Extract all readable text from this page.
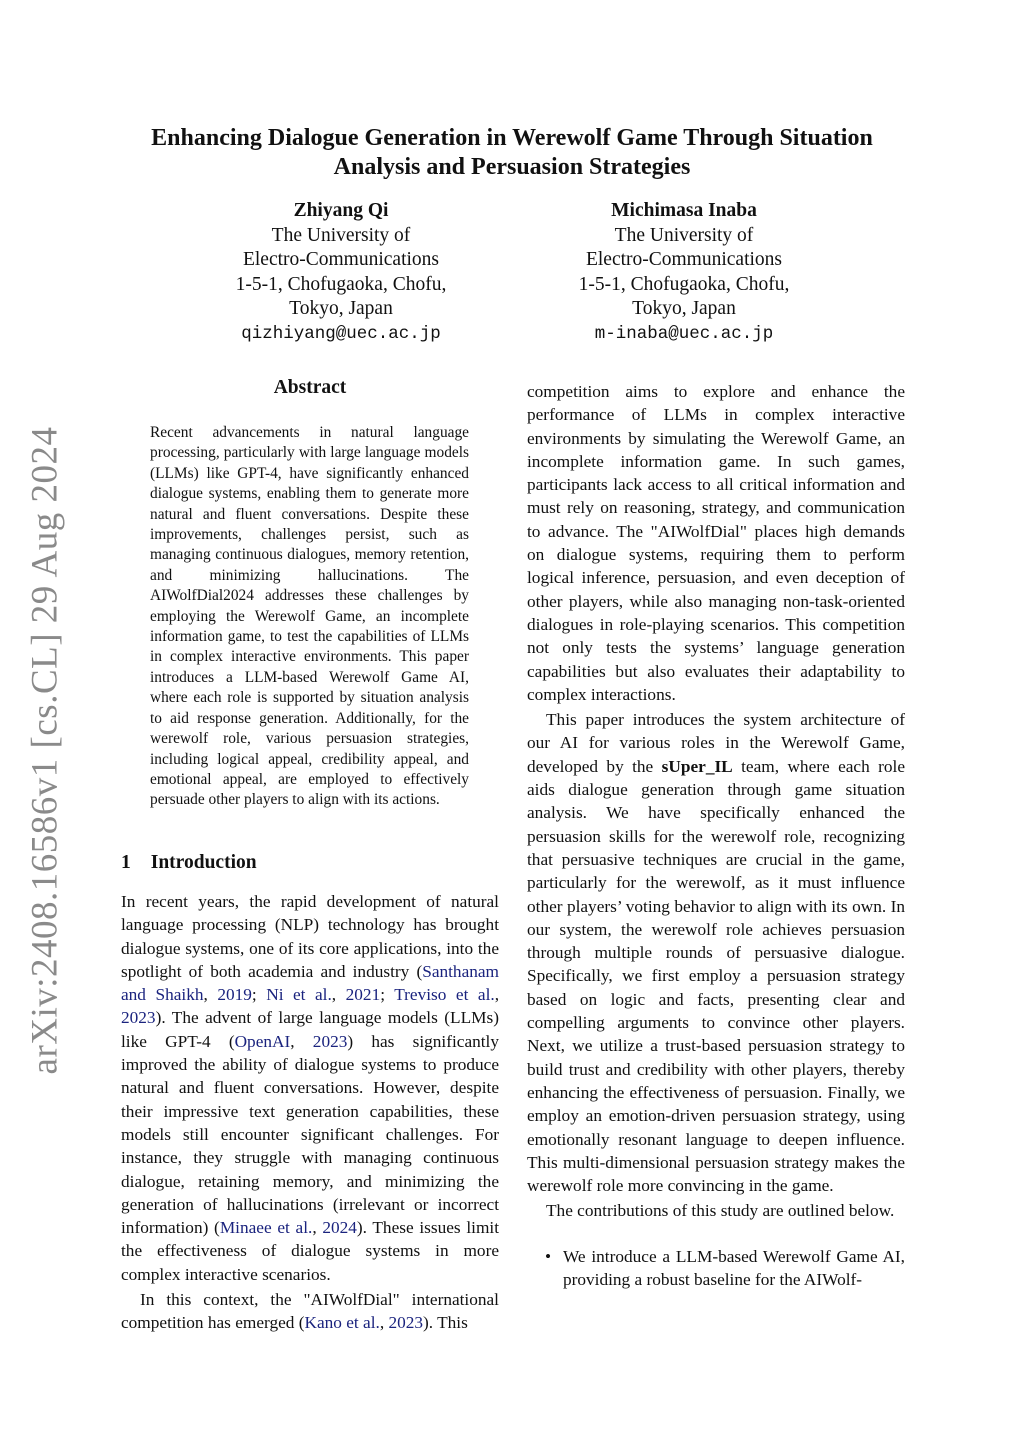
arXiv:2408.16586v1 [cs.CL] 29 Aug 2024
Enhancing Dialogue Generation in Werewolf Game Through Situation Analysis and Persuasion Strategies
Zhiyang Qi
The University of
Electro-Communications
1-5-1, Chofugaoka, Chofu,
Tokyo, Japan
qizhiyang@uec.ac.jp
Michimasa Inaba
The University of
Electro-Communications
1-5-1, Chofugaoka, Chofu,
Tokyo, Japan
m-inaba@uec.ac.jp
Abstract
Recent advancements in natural language processing, particularly with large language models (LLMs) like GPT-4, have significantly enhanced dialogue systems, enabling them to generate more natural and fluent conversations. Despite these improvements, challenges persist, such as managing continuous dialogues, memory retention, and minimizing hallucinations. The AIWolfDial2024 addresses these challenges by employing the Werewolf Game, an incomplete information game, to test the capabilities of LLMs in complex interactive environments. This paper introduces a LLM-based Werewolf Game AI, where each role is supported by situation analysis to aid response generation. Additionally, for the werewolf role, various persuasion strategies, including logical appeal, credibility appeal, and emotional appeal, are employed to effectively persuade other players to align with its actions.
1 Introduction

In recent years, the rapid development of natural language processing (NLP) technology has brought dialogue systems, one of its core applications, into the spotlight of both academia and industry (Santhanam and Shaikh, 2019; Ni et al., 2021; Treviso et al., 2023). The advent of large language models (LLMs) like GPT-4 (OpenAI, 2023) has significantly improved the ability of dialogue systems to produce natural and fluent conversations. However, despite their impressive text generation capabilities, these models still encounter significant challenges. For instance, they struggle with managing continuous dialogue, retaining memory, and minimizing the generation of hallucinations (irrelevant or incorrect information) (Minaee et al., 2024). These issues limit the effectiveness of dialogue systems in more complex interactive scenarios.

In this context, the "AIWolfDial" international competition has emerged (Kano et al., 2023). This

competition aims to explore and enhance the performance of LLMs in complex interactive environments by simulating the Werewolf Game, an incomplete information game. In such games, participants lack access to all critical information and must rely on reasoning, strategy, and communication to advance. The "AIWolfDial" places high demands on dialogue systems, requiring them to perform logical inference, persuasion, and even deception of other players, while also managing non-task-oriented dialogues in role-playing scenarios. This competition not only tests the systems’ language generation capabilities but also evaluates their adaptability to complex interactions.

This paper introduces the system architecture of our AI for various roles in the Werewolf Game, developed by the sUper_IL team, where each role aids dialogue generation through game situation analysis. We have specifically enhanced the persuasion skills for the werewolf role, recognizing that persuasive techniques are crucial in the game, particularly for the werewolf, as it must influence other players’ voting behavior to align with its own. In our system, the werewolf role achieves persuasion through multiple rounds of persuasive dialogue. Specifically, we first employ a persuasion strategy based on logic and facts, presenting clear and compelling arguments to convince other players. Next, we utilize a trust-based persuasion strategy to build trust and credibility with other players, thereby enhancing the effectiveness of persuasion. Finally, we employ an emotion-driven persuasion strategy, using emotionally resonant language to deepen influence. This multi-dimensional persuasion strategy makes the werewolf role more convincing in the game.

The contributions of this study are outlined below.

• We introduce a LLM-based Werewolf Game AI, providing a robust baseline for the AIWolf-
